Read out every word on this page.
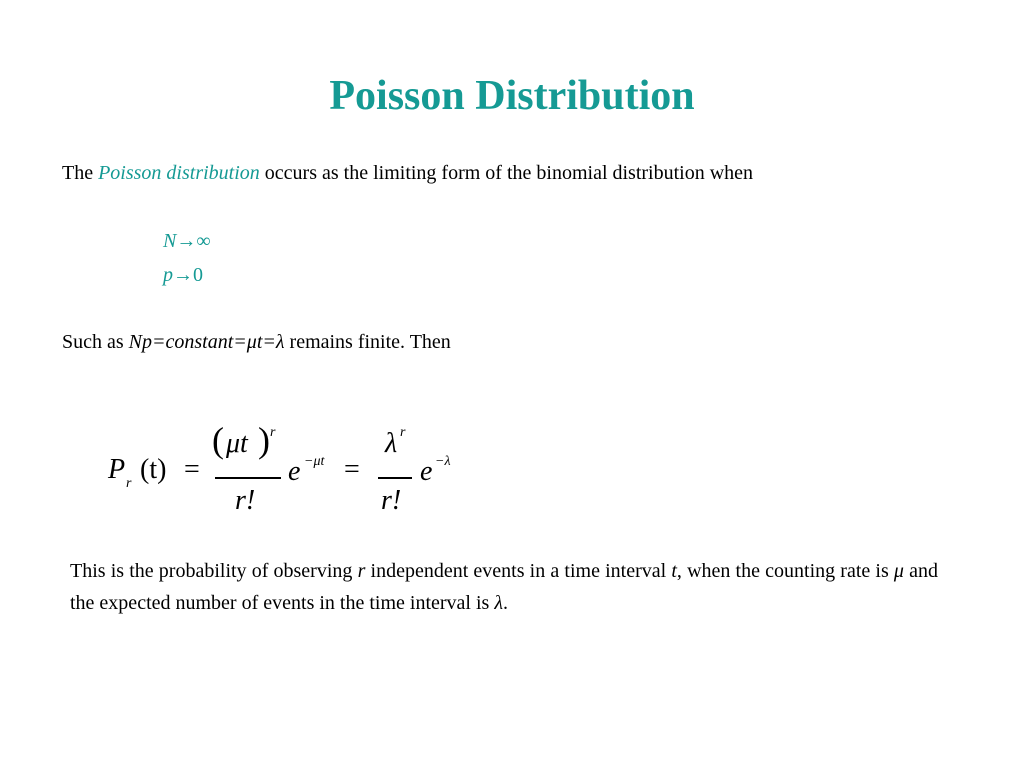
Poisson Distribution
The Poisson distribution occurs as the limiting form of the binomial distribution when
N→∞
p→0
Such as Np=constant=μt=λ remains finite. Then
P r (t) =
( μt ) r
r!
e −μt =
λ r
r!
e −λ
This is the probability of observing r independent events in a time interval t, when the counting rate is μ and the expected number of events in the time interval is λ.
